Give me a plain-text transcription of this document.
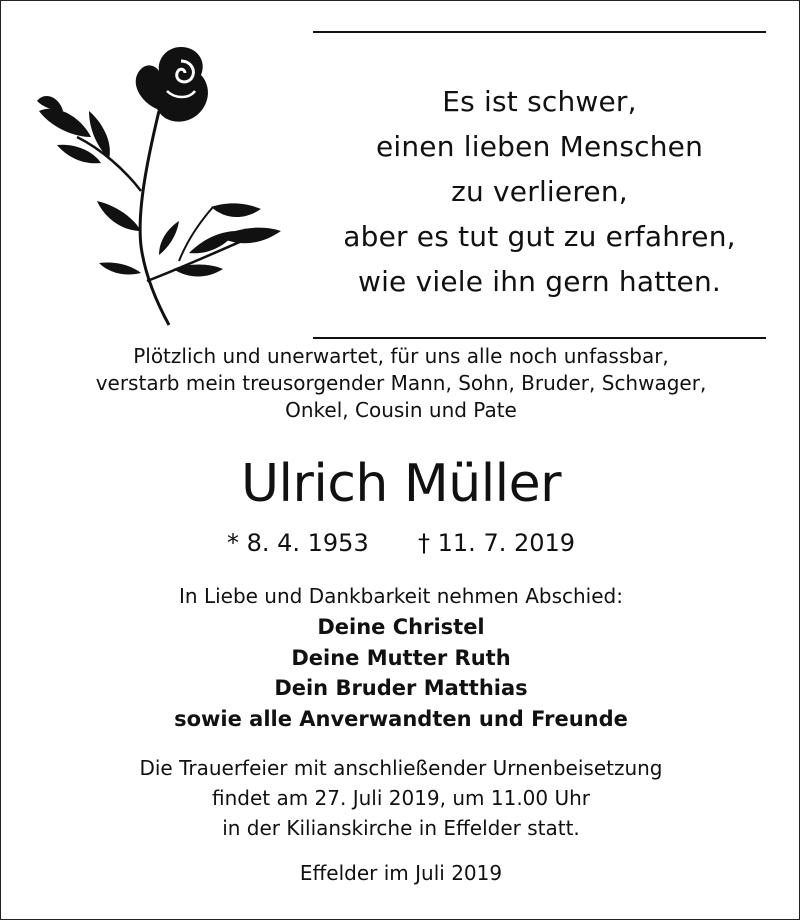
Es ist schwer,
einen lieben Menschen
zu verlieren,
aber es tut gut zu erfahren,
wie viele ihn gern hatten.
Plötzlich und unerwartet, für uns alle noch unfassbar,
verstarb mein treusorgender Mann, Sohn, Bruder, Schwager,
Onkel, Cousin und Pate
Ulrich Müller
* 8. 4. 1953 † 11. 7. 2019
In Liebe und Dankbarkeit nehmen Abschied:
Deine Christel
Deine Mutter Ruth
Dein Bruder Matthias
sowie alle Anverwandten und Freunde
Die Trauerfeier mit anschließender Urnenbeisetzung
findet am 27. Juli 2019, um 11.00 Uhr
in der Kilianskirche in Effelder statt.
Effelder im Juli 2019
